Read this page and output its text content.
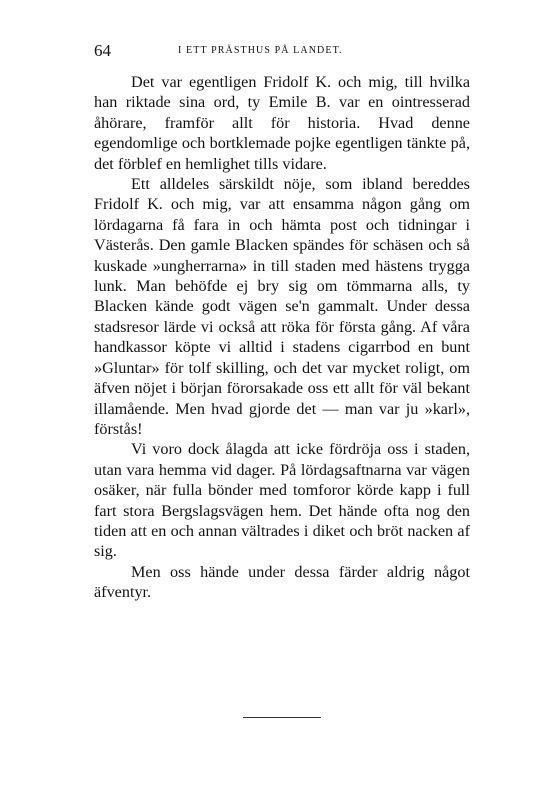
64	I ETT PRÄSTHUS PÅ LANDET.

Det var egentligen Fridolf K. och mig, till hvilka han riktade sina ord, ty Emile B. var en ointresserad åhörare, framför allt för historia. Hvad denne egendomlige och bortklemade pojke egentligen tänkte på, det förblef en hemlighet tills vidare.

Ett alldeles särskildt nöje, som ibland bereddes Fridolf K. och mig, var att ensamma någon gång om lördagarna få fara in och hämta post och tidningar i Västerås. Den gamle Blacken spändes för schäsen och så kuskade »ungherrarna» in till staden med hästens trygga lunk. Man behöfde ej bry sig om tömmarna alls, ty Blacken kände godt vägen se'n gammalt. Under dessa stadsresor lärde vi också att röka för första gång. Af våra handkassor köpte vi alltid i stadens cigarrbod en bunt »Gluntar» för tolf skilling, och det var mycket roligt, om äfven nöjet i början förorsakade oss ett allt för väl bekant illamående. Men hvad gjorde det — man var ju »karl», förstås!

Vi voro dock ålagda att icke fördröja oss i staden, utan vara hemma vid dager. På lördagsaftnarna var vägen osäker, när fulla bönder med tomforor körde kapp i full fart stora Bergslagsvägen hem. Det hände ofta nog den tiden att en och annan vältrades i diket och bröt nacken af sig.

Men oss hände under dessa färder aldrig något äfventyr.
